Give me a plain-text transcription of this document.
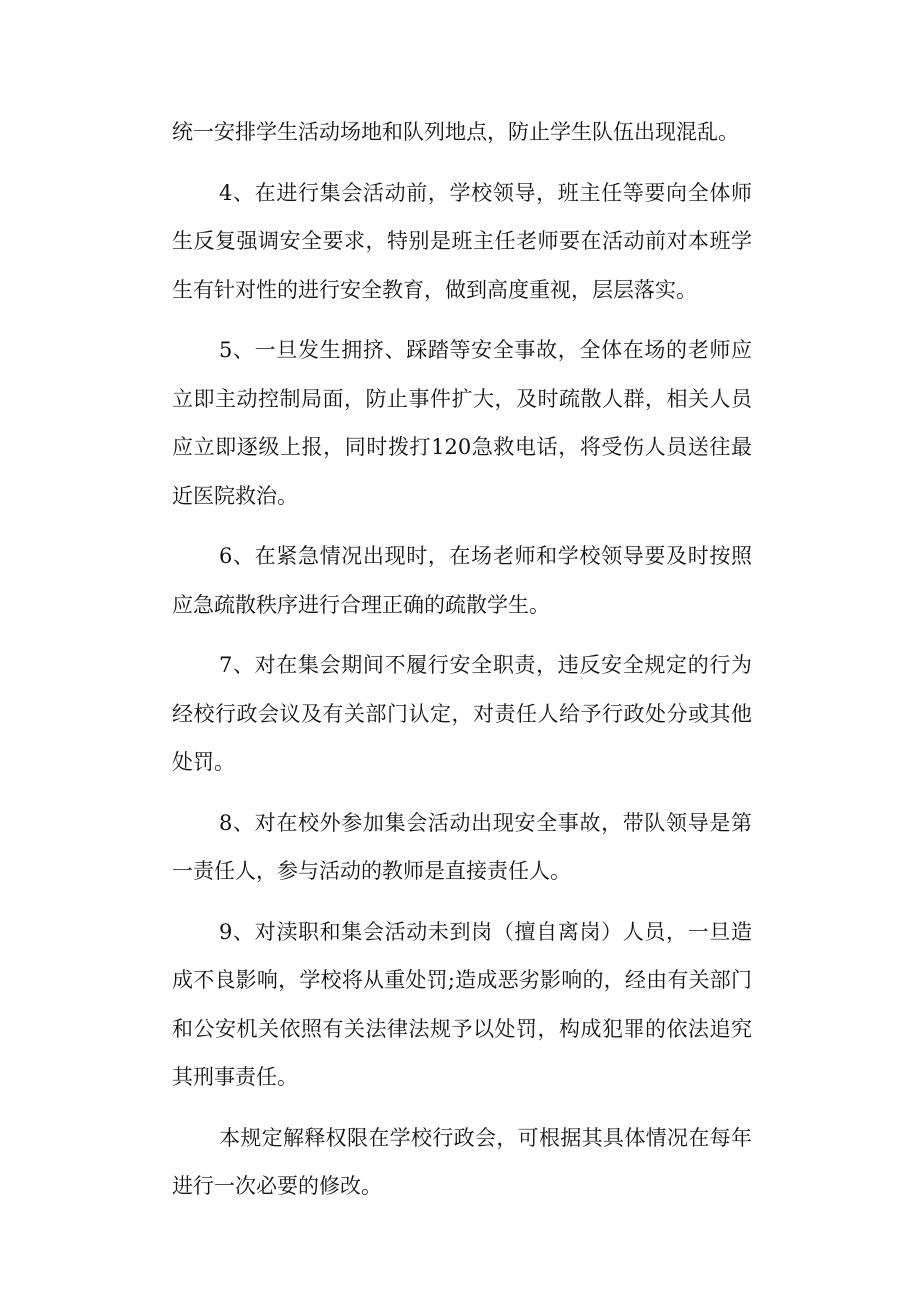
统一安排学生活动场地和队列地点，防止学生队伍出现混乱。

4、在进行集会活动前，学校领导，班主任等要向全体师生反复强调安全要求，特别是班主任老师要在活动前对本班学生有针对性的进行安全教育，做到高度重视，层层落实。

5、一旦发生拥挤、踩踏等安全事故，全体在场的老师应立即主动控制局面，防止事件扩大，及时疏散人群，相关人员应立即逐级上报，同时拨打120急救电话，将受伤人员送往最近医院救治。

6、在紧急情况出现时，在场老师和学校领导要及时按照应急疏散秩序进行合理正确的疏散学生。

7、对在集会期间不履行安全职责，违反安全规定的行为经校行政会议及有关部门认定，对责任人给予行政处分或其他处罚。

8、对在校外参加集会活动出现安全事故，带队领导是第一责任人，参与活动的教师是直接责任人。

9、对渎职和集会活动未到岗（擅自离岗）人员，一旦造成不良影响，学校将从重处罚;造成恶劣影响的，经由有关部门和公安机关依照有关法律法规予以处罚，构成犯罪的依法追究其刑事责任。

本规定解释权限在学校行政会，可根据其具体情况在每年进行一次必要的修改。
